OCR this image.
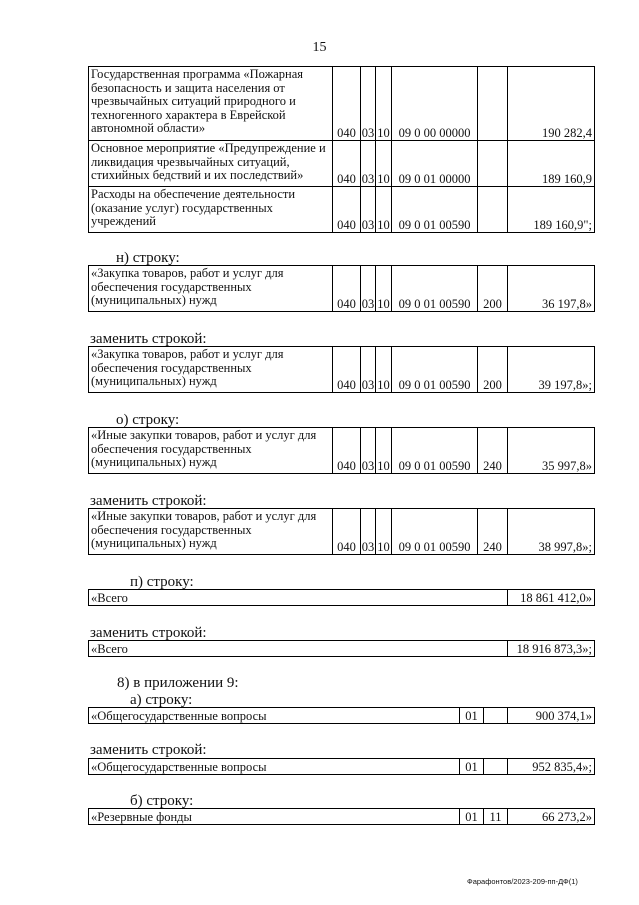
15
Государственная программа «Пожарная безопасность и защита населения от чрезвычайных ситуаций природного и техногенного характера в Еврейской автономной области»	040	03	10	09 0 00 00000		190 282,4
Основное мероприятие «Предупреждение и ликвидация чрезвычайных ситуаций, стихийных бедствий и их последствий»	040	03	10	09 0 01 00000		189 160,9
Расходы на обеспечение деятельности (оказание услуг) государственных учреждений	040	03	10	09 0 01 00590		189 160,9";
н) строку:
«Закупка товаров, работ и услуг для обеспечения государственных (муниципальных) нужд	040	03	10	09 0 01 00590	200	36 197,8»
заменить строкой:
«Закупка товаров, работ и услуг для обеспечения государственных (муниципальных) нужд	040	03	10	09 0 01 00590	200	39 197,8»;
о) строку:
«Иные закупки товаров, работ и услуг для обеспечения государственных (муниципальных) нужд	040	03	10	09 0 01 00590	240	35 997,8»
заменить строкой:
«Иные закупки товаров, работ и услуг для обеспечения государственных (муниципальных) нужд	040	03	10	09 0 01 00590	240	38 997,8»;
п) строку:
«Всего	18 861 412,0»
заменить строкой:
«Всего	18 916 873,3»;
8) в приложении 9:
а) строку:
«Общегосударственные вопросы	01		900 374,1»
заменить строкой:
«Общегосударственные вопросы	01		952 835,4»;
б) строку:
«Резервные фонды	01	11	66 273,2»
Фарафонтов/2023-209-пп-ДФ(1)
